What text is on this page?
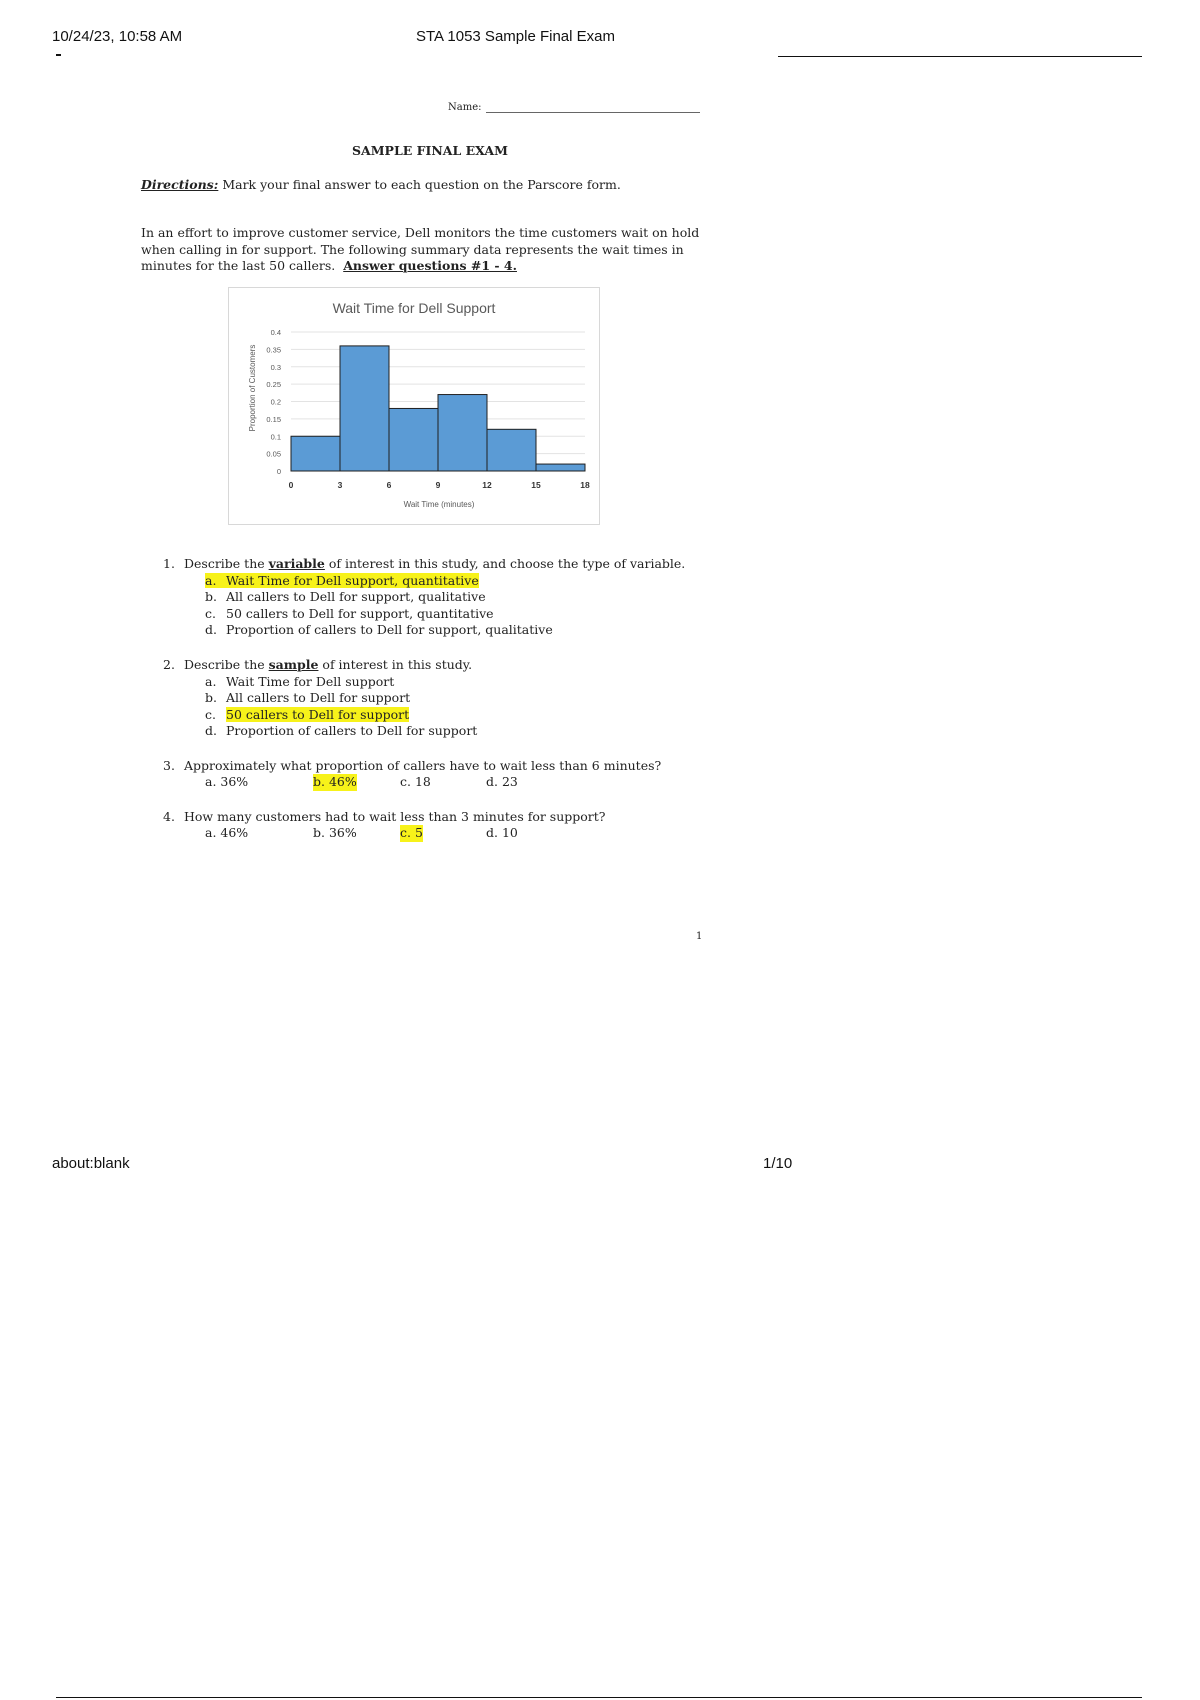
10/24/23, 10:58 AM	STA 1053 Sample Final Exam
Name:
SAMPLE FINAL EXAM
Directions: Mark your final answer to each question on the Parscore form.
In an effort to improve customer service, Dell monitors the time customers wait on hold
when calling in for support. The following summary data represents the wait times in
minutes for the last 50 callers. Answer questions #1 - 4.
Wait Time for Dell Support
0
0.05
0.1
0.15
0.2
0.25
0.3
0.35
0.4
0	3	6	9	12	15	18
Wait Time (minutes)
Proportion of Customers
1. Describe the variable of interest in this study, and choose the type of variable.
a. Wait Time for Dell support, quantitative
b. All callers to Dell for support, qualitative
c. 50 callers to Dell for support, quantitative
d. Proportion of callers to Dell for support, qualitative
2. Describe the sample of interest in this study.
a. Wait Time for Dell support
b. All callers to Dell for support
c. 50 callers to Dell for support
d. Proportion of callers to Dell for support
3. Approximately what proportion of callers have to wait less than 6 minutes?
a. 36%	b. 46%	c. 18	d. 23
4. How many customers had to wait less than 3 minutes for support?
a. 46%	b. 36%	c. 5	d. 10
1
about:blank	1/10
